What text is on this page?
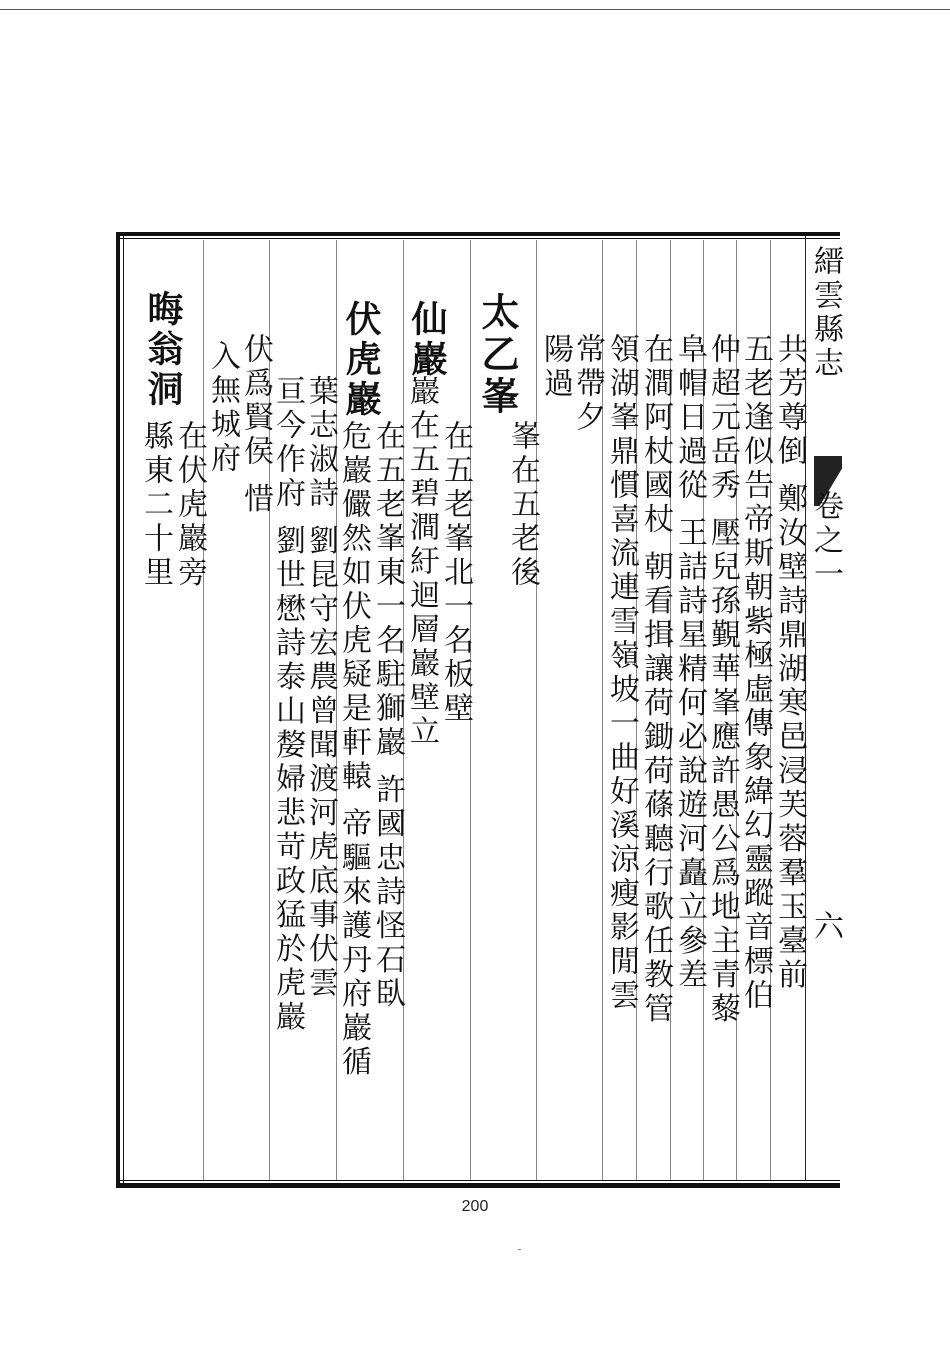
縉雲縣志
卷之一
六
共芳尊倒 鄭汝壁詩鼎湖寒邑浸芙蓉羣玉臺前
五老逢似告帝斯朝紫極虛傳象緯幻靈蹤音標伯
仲超元岳秀 壓兒孫覲華峯應許愚公爲地主青藜
阜帽日過從 王詰詩星精何必說遊河矗立參差
在澗阿杖國杖 朝看揖讓荷鋤荷蓧聽行歌任教管
領湖峯鼎慣喜流連雪嶺坡一曲好溪涼瘦影閒雲
常帶夕
陽過
太乙峯
峯在五老後
在五老峯北一名板壁
仙巖
巖在五碧澗紆迴層巖壁立
伏虎巖
在五老峯東一名駐獅巖 許國忠詩怪石臥
危巖儼然如伏虎疑是軒轅 帝驅來護丹府巖循
葉志淑詩 劉昆守宏農曾聞渡河虎底事伏雲
亘今作府 劉世懋詩泰山嫠婦悲苛政猛於虎巖
伏爲賢侯 惜
入無城府
在伏虎巖旁
晦翁洞
縣東二十里
200
